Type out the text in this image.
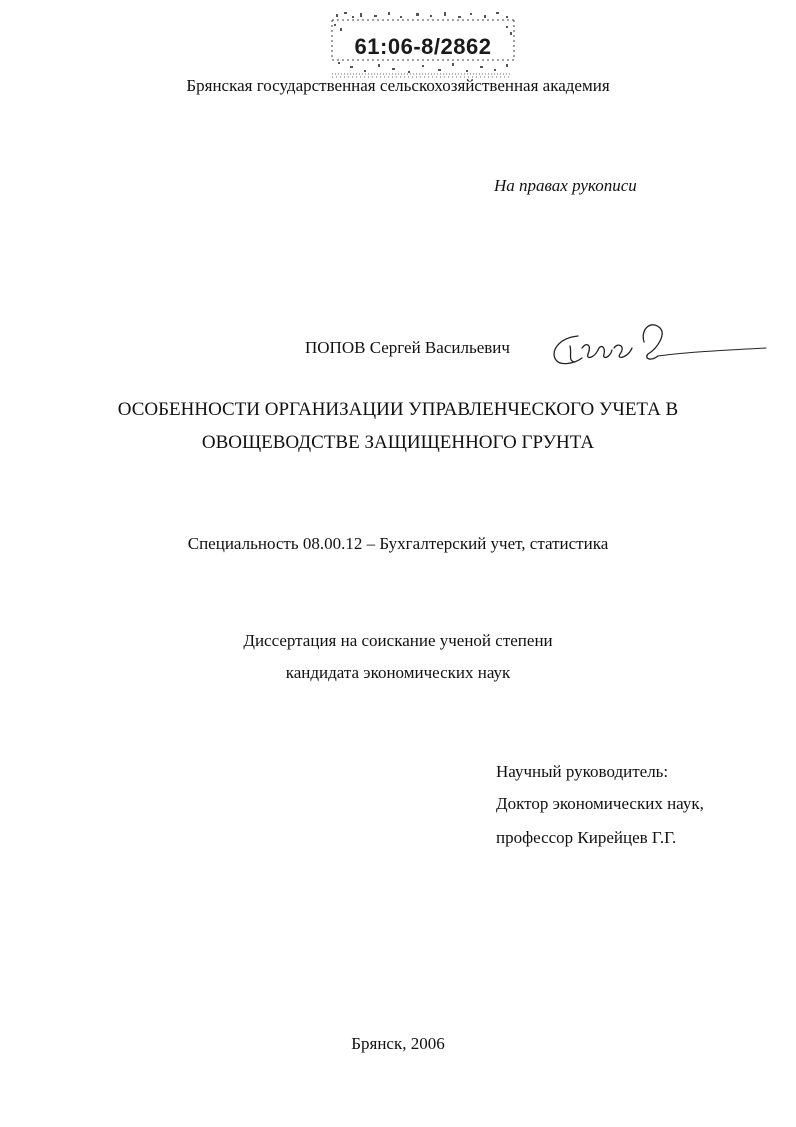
61:06-8/2862

Брянская государственная сельскохозяйственная академия

На правах рукописи

ПОПОВ Сергей Васильевич

ОСОБЕННОСТИ ОРГАНИЗАЦИИ УПРАВЛЕНЧЕСКОГО УЧЕТА В

ОВОЩЕВОДСТВЕ ЗАЩИЩЕННОГО ГРУНТА

Специальность 08.00.12 – Бухгалтерский учет, статистика

Диссертация на соискание ученой степени

кандидата экономических наук

Научный руководитель:

Доктор экономических наук,

профессор Кирейцев Г.Г.

Брянск, 2006
